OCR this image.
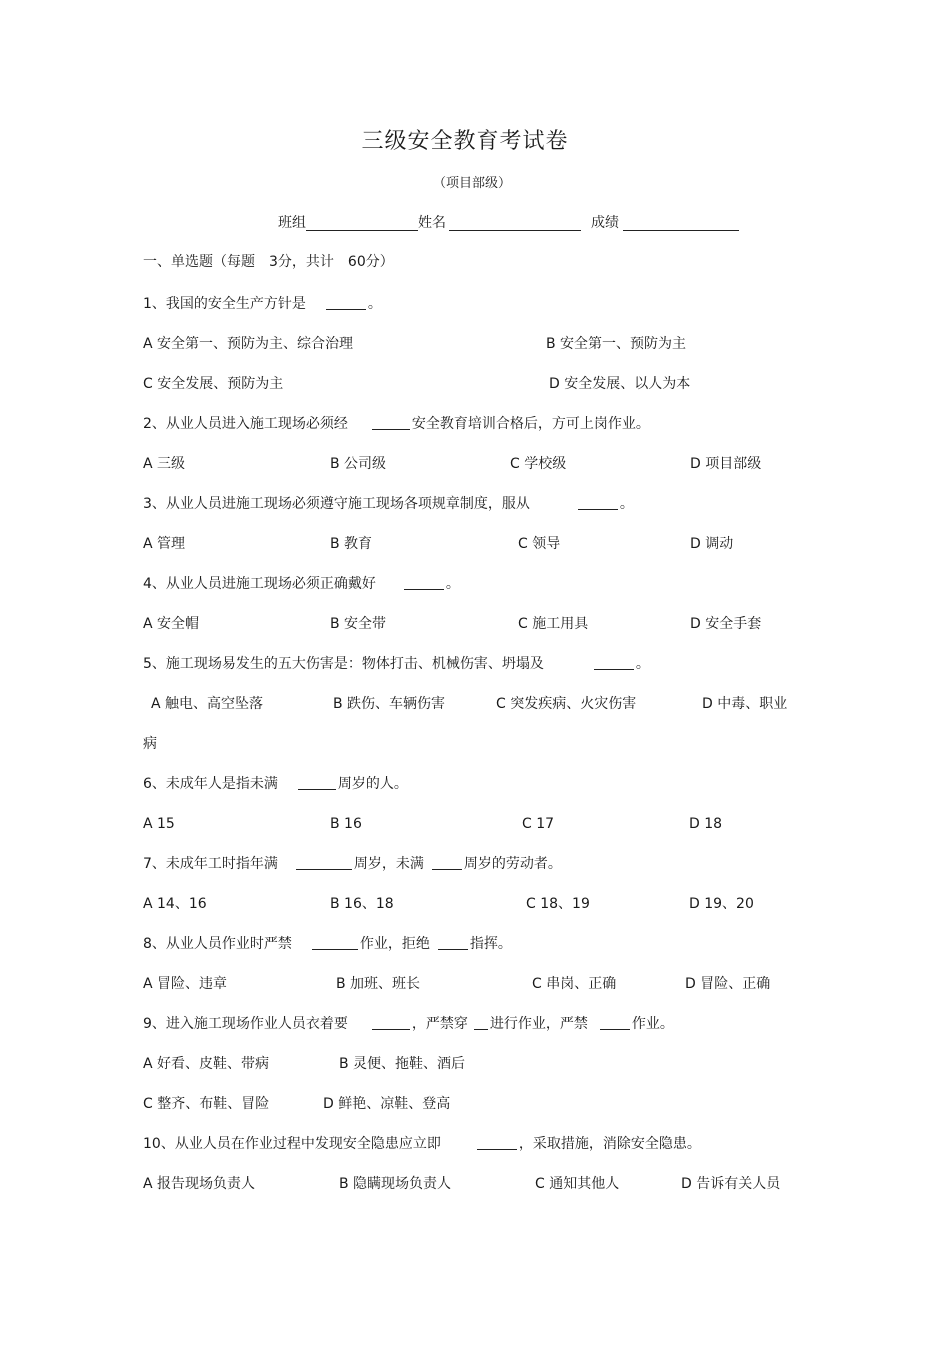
三级安全教育考试卷
（项目部级）
班组	姓名	成绩
一、单选题（每题　3分，共计　60分）
1、我国的安全生产方针是	。
A 安全第一、预防为主、综合治理	B 安全第一、预防为主
C 安全发展、预防为主	D 安全发展、以人为本
2、从业人员进入施工现场必须经	安全教育培训合格后，方可上岗作业。
A 三级	B 公司级	C 学校级	D 项目部级
3、从业人员进施工现场必须遵守施工现场各项规章制度，服从	。
A 管理	B 教育	C 领导	D 调动
4、从业人员进施工现场必须正确戴好	。
A 安全帽	B 安全带	C 施工用具	D 安全手套
5、施工现场易发生的五大伤害是：物体打击、机械伤害、坍塌及	。
A 触电、高空坠落	B 跌伤、车辆伤害	C 突发疾病、火灾伤害	D 中毒、职业
病
6、未成年人是指未满	周岁的人。
A 15	B 16	C 17	D 18
7、未成年工时指年满	周岁，未满	周岁的劳动者。
A 14、16	B 16、18	C 18、19	D 19、20
8、从业人员作业时严禁	作业，拒绝	指挥。
A 冒险、违章	B 加班、班长	C 串岗、正确	D 冒险、正确
9、进入施工现场作业人员衣着要	，严禁穿 进行作业，严禁	作业。
A 好看、皮鞋、带病	B 灵便、拖鞋、酒后
C 整齐、布鞋、冒险	D 鲜艳、凉鞋、登高
10、从业人员在作业过程中发现安全隐患应立即	，采取措施，消除安全隐患。
A 报告现场负责人	B 隐瞒现场负责人	C 通知其他人	D 告诉有关人员
